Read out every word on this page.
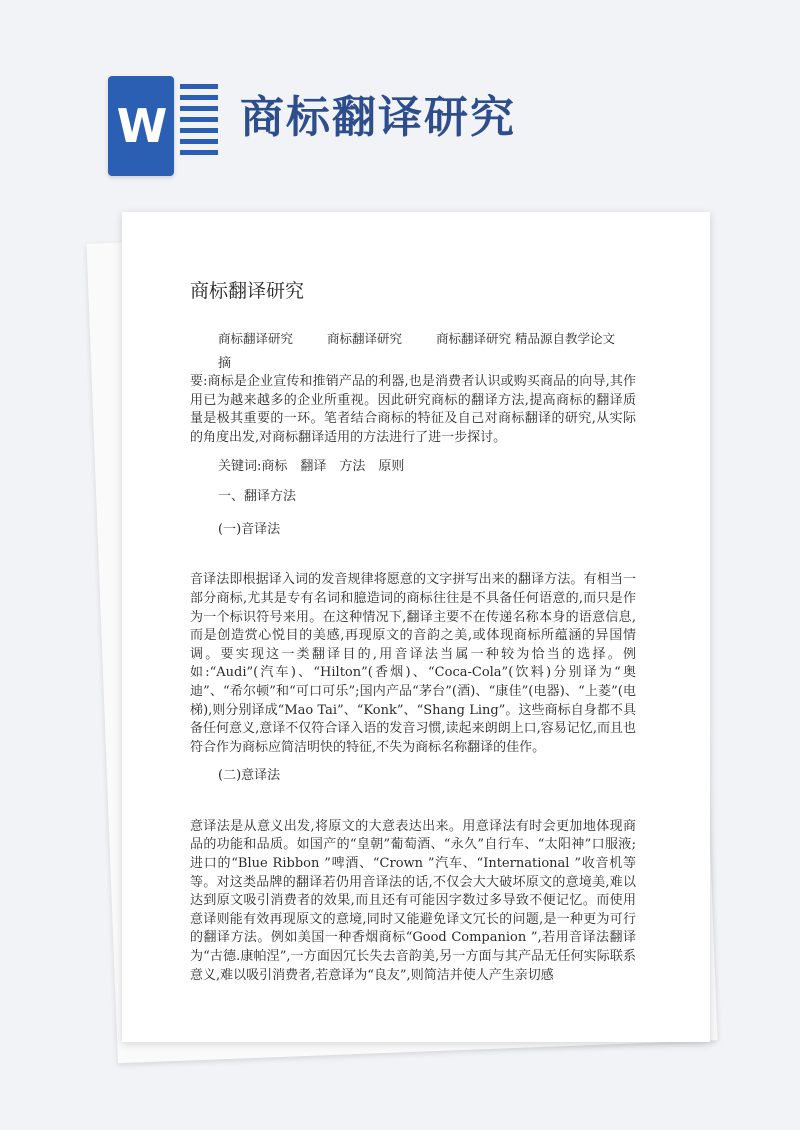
W 商标翻译研究
商标翻译研究
商标翻译研究	商标翻译研究	商标翻译研究 精品源自教学论文
摘
要:商标是企业宣传和推销产品的利器,也是消费者认识或购买商品的向导,其作用已为越来越多的企业所重视。因此研究商标的翻译方法,提高商标的翻译质量是极其重要的一环。笔者结合商标的特征及自己对商标翻译的研究,从实际的角度出发,对商标翻译适用的方法进行了进一步探讨。
关键词:商标　翻译　方法　原则
一、翻译方法
(一)音译法
音译法即根据译入词的发音规律将愿意的文字拼写出来的翻译方法。有相当一部分商标,尤其是专有名词和臆造词的商标往往是不具备任何语意的,而只是作为一个标识符号来用。在这种情况下,翻译主要不在传递名称本身的语意信息,而是创造赏心悦目的美感,再现原文的音韵之美,或体现商标所蕴涵的异国情调。要实现这一类翻译目的,用音译法当属一种较为恰当的选择。例如:“Audi”(汽车)、“Hilton”(香烟)、“Coca-Cola”(饮料)分别译为“奥迪”、“希尔顿”和“可口可乐”;国内产品“茅台”(酒)、“康佳”(电器)、“上菱”(电梯),则分别译成“Mao Tai”、“Konk”、“Shang Ling”。这些商标自身都不具备任何意义,意译不仅符合译入语的发音习惯,读起来朗朗上口,容易记忆,而且也符合作为商标应简洁明快的特征,不失为商标名称翻译的佳作。
(二)意译法
意译法是从意义出发,将原文的大意表达出来。用意译法有时会更加地体现商品的功能和品质。如国产的“皇朝”葡萄酒、“永久”自行车、“太阳神”口服液;进口的“Blue Ribbon ”啤酒、“Crown ”汽车、“International ”收音机等等。对这类品牌的翻译若仍用音译法的话,不仅会大大破坏原文的意境美,难以达到原文吸引消费者的效果,而且还有可能因字数过多导致不便记忆。而使用意译则能有效再现原文的意境,同时又能避免译文冗长的问题,是一种更为可行的翻译方法。例如美国一种香烟商标“Good Companion ”,若用音译法翻译为“古德.康帕涅”,一方面因冗长失去音韵美,另一方面与其产品无任何实际联系意义,难以吸引消费者,若意译为“良友”,则简洁并使人产生亲切感
